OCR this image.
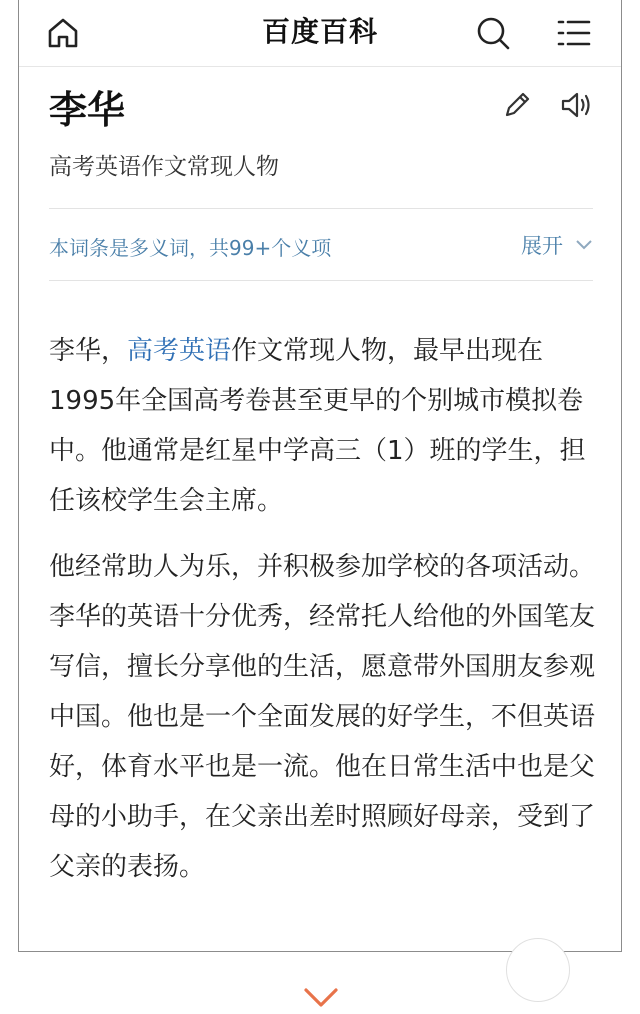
百度百科
李华
高考英语作文常现人物
本词条是多义词，共99+个义项	展开

李华，高考英语作文常现人物，最早出现在1995年全国高考卷甚至更早的个别城市模拟卷中。他通常是红星中学高三（1）班的学生，担任该校学生会主席。

他经常助人为乐，并积极参加学校的各项活动。李华的英语十分优秀，经常托人给他的外国笔友写信，擅长分享他的生活，愿意带外国朋友参观中国。他也是一个全面发展的好学生，不但英语好，体育水平也是一流。他在日常生活中也是父母的小助手，在父亲出差时照顾好母亲，受到了父亲的表扬。
